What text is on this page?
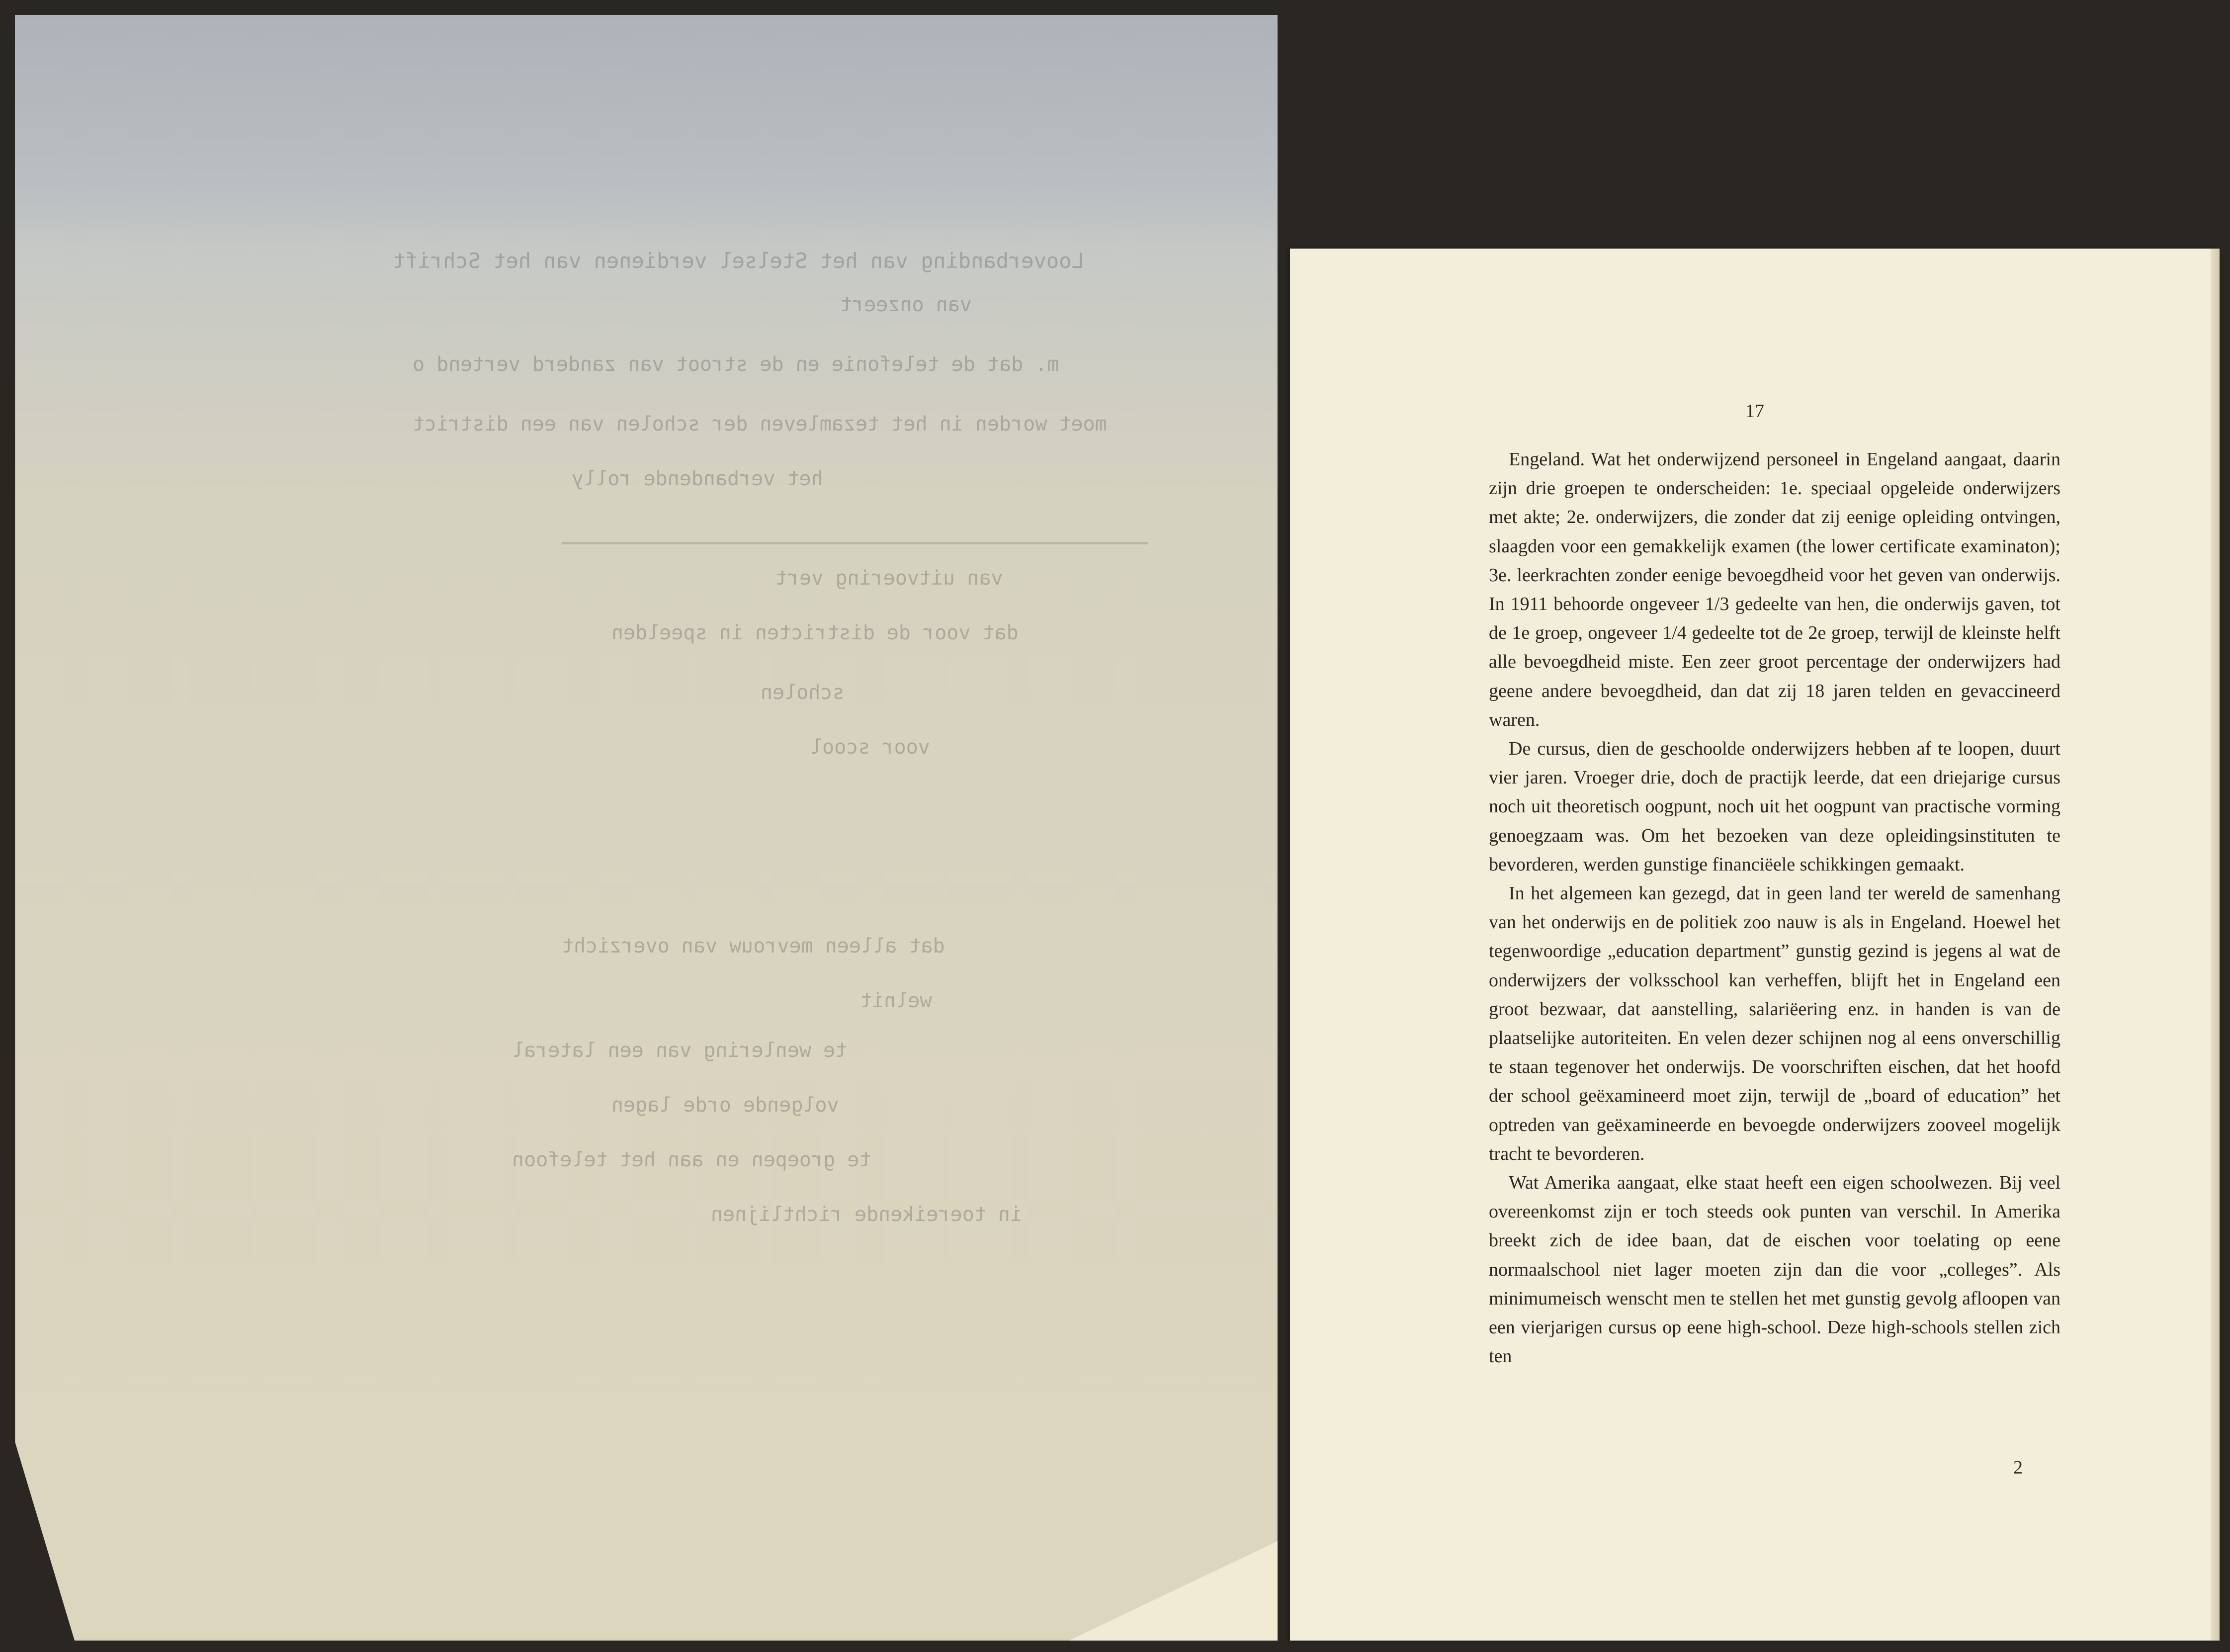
Looverbanding van het Stelsel verdienen van het Schrift
van onzeert
m. dat de telefonie en de stroot van zanderd vertend o
moet worden in het tezamleven der scholen van een district
het verbandende rolly
van uitvoering vert
dat voor de districten in speelden
scholen
voor scool
dat alleen mevrouw van overzicht
welnit
te wenlering van een lateral
volgende orde lagen
te groepen en aan het telefoon
in toereikende richtlijnen
17

Engeland. Wat het onderwijzend personeel in Engeland aangaat, daarin zijn drie groepen te onderscheiden: 1e. speciaal opgeleide onderwijzers met akte; 2e. onderwijzers, die zonder dat zij eenige opleiding ontvingen, slaagden voor een gemakkelijk examen (the lower certificate examinaton); 3e. leerkrachten zonder eenige bevoegdheid voor het geven van onderwijs. In 1911 behoorde ongeveer 1/3 gedeelte van hen, die onderwijs gaven, tot de 1e groep, ongeveer 1/4 gedeelte tot de 2e groep, terwijl de kleinste helft alle bevoegdheid miste. Een zeer groot percentage der onderwijzers had geene andere bevoegdheid, dan dat zij 18 jaren telden en gevaccineerd waren.

De cursus, dien de geschoolde onderwijzers hebben af te loopen, duurt vier jaren. Vroeger drie, doch de practijk leerde, dat een driejarige cursus noch uit theoretisch oogpunt, noch uit het oogpunt van practische vorming genoegzaam was. Om het bezoeken van deze opleidingsinstituten te bevorderen, werden gunstige financiëele schikkingen gemaakt.

In het algemeen kan gezegd, dat in geen land ter wereld de samenhang van het onderwijs en de politiek zoo nauw is als in Engeland. Hoewel het tegenwoordige „education department” gunstig gezind is jegens al wat de onderwijzers der volksschool kan verheffen, blijft het in Engeland een groot bezwaar, dat aanstelling, salariëering enz. in handen is van de plaatselijke autoriteiten. En velen dezer schijnen nog al eens onverschillig te staan tegenover het onderwijs. De voorschriften eischen, dat het hoofd der school geëxamineerd moet zijn, terwijl de „board of education” het optreden van geëxamineerde en bevoegde onderwijzers zooveel mogelijk tracht te bevorderen.

Wat Amerika aangaat, elke staat heeft een eigen schoolwezen. Bij veel overeenkomst zijn er toch steeds ook punten van verschil. In Amerika breekt zich de idee baan, dat de eischen voor toelating op eene normaalschool niet lager moeten zijn dan die voor „colleges”. Als minimumeisch wenscht men te stellen het met gunstig gevolg afloopen van een vierjarigen cursus op eene high-school. Deze high-schools stellen zich ten

2
